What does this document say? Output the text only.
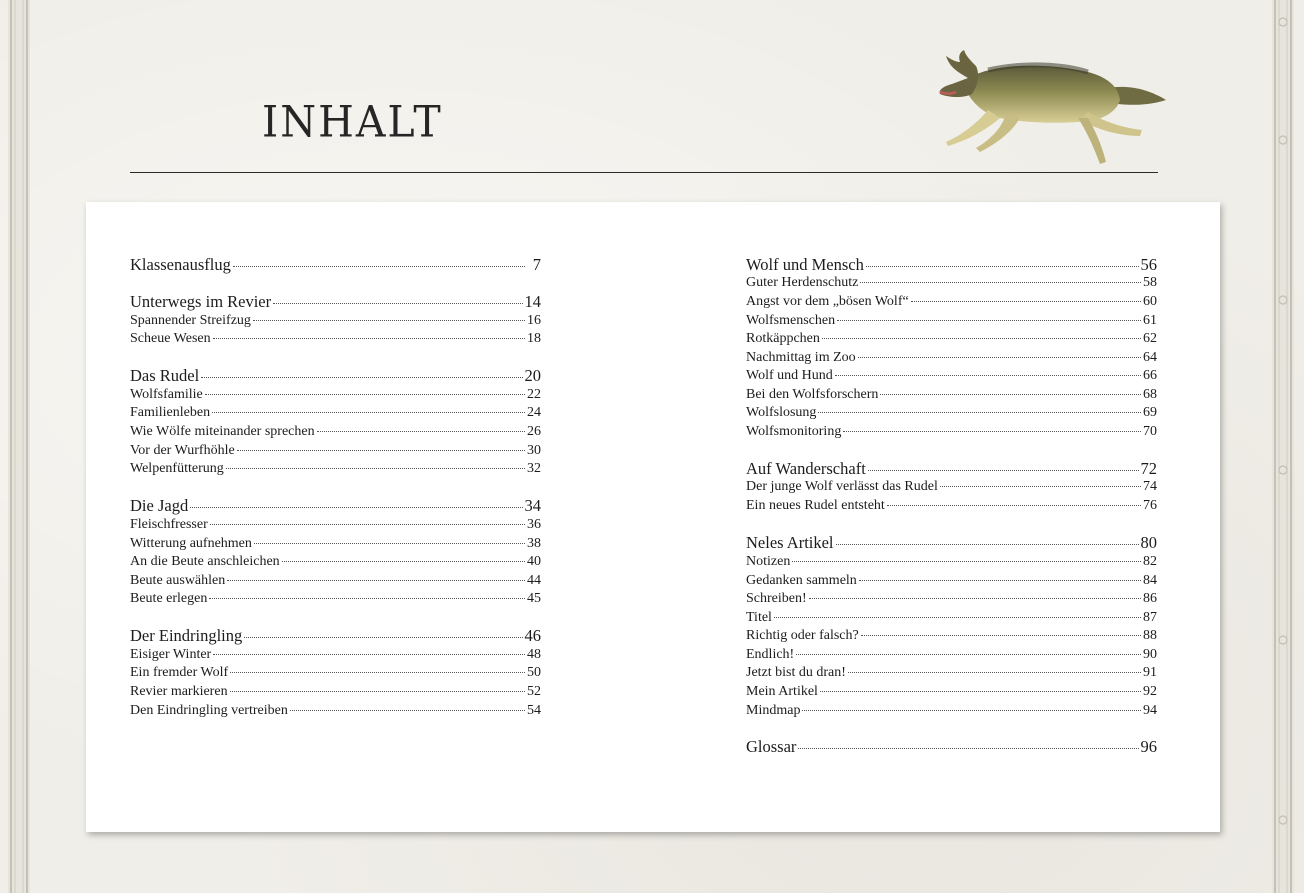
INHALT
Klassenausflug	7
Unterwegs im Revier	14
Spannender Streifzug	16
Scheue Wesen	18
Das Rudel	20
Wolfsfamilie	22
Familienleben	24
Wie Wölfe miteinander sprechen	26
Vor der Wurfhöhle	30
Welpenfütterung	32
Die Jagd	34
Fleischfresser	36
Witterung aufnehmen	38
An die Beute anschleichen	40
Beute auswählen	44
Beute erlegen	45
Der Eindringling	46
Eisiger Winter	48
Ein fremder Wolf	50
Revier markieren	52
Den Eindringling vertreiben	54
Wolf und Mensch	56
Guter Herdenschutz	58
Angst vor dem „bösen Wolf“	60
Wolfsmenschen	61
Rotkäppchen	62
Nachmittag im Zoo	64
Wolf und Hund	66
Bei den Wolfsforschern	68
Wolfslosung	69
Wolfsmonitoring	70
Auf Wanderschaft	72
Der junge Wolf verlässt das Rudel	74
Ein neues Rudel entsteht	76
Neles Artikel	80
Notizen	82
Gedanken sammeln	84
Schreiben!	86
Titel	87
Richtig oder falsch?	88
Endlich!	90
Jetzt bist du dran!	91
Mein Artikel	92
Mindmap	94
Glossar	96
